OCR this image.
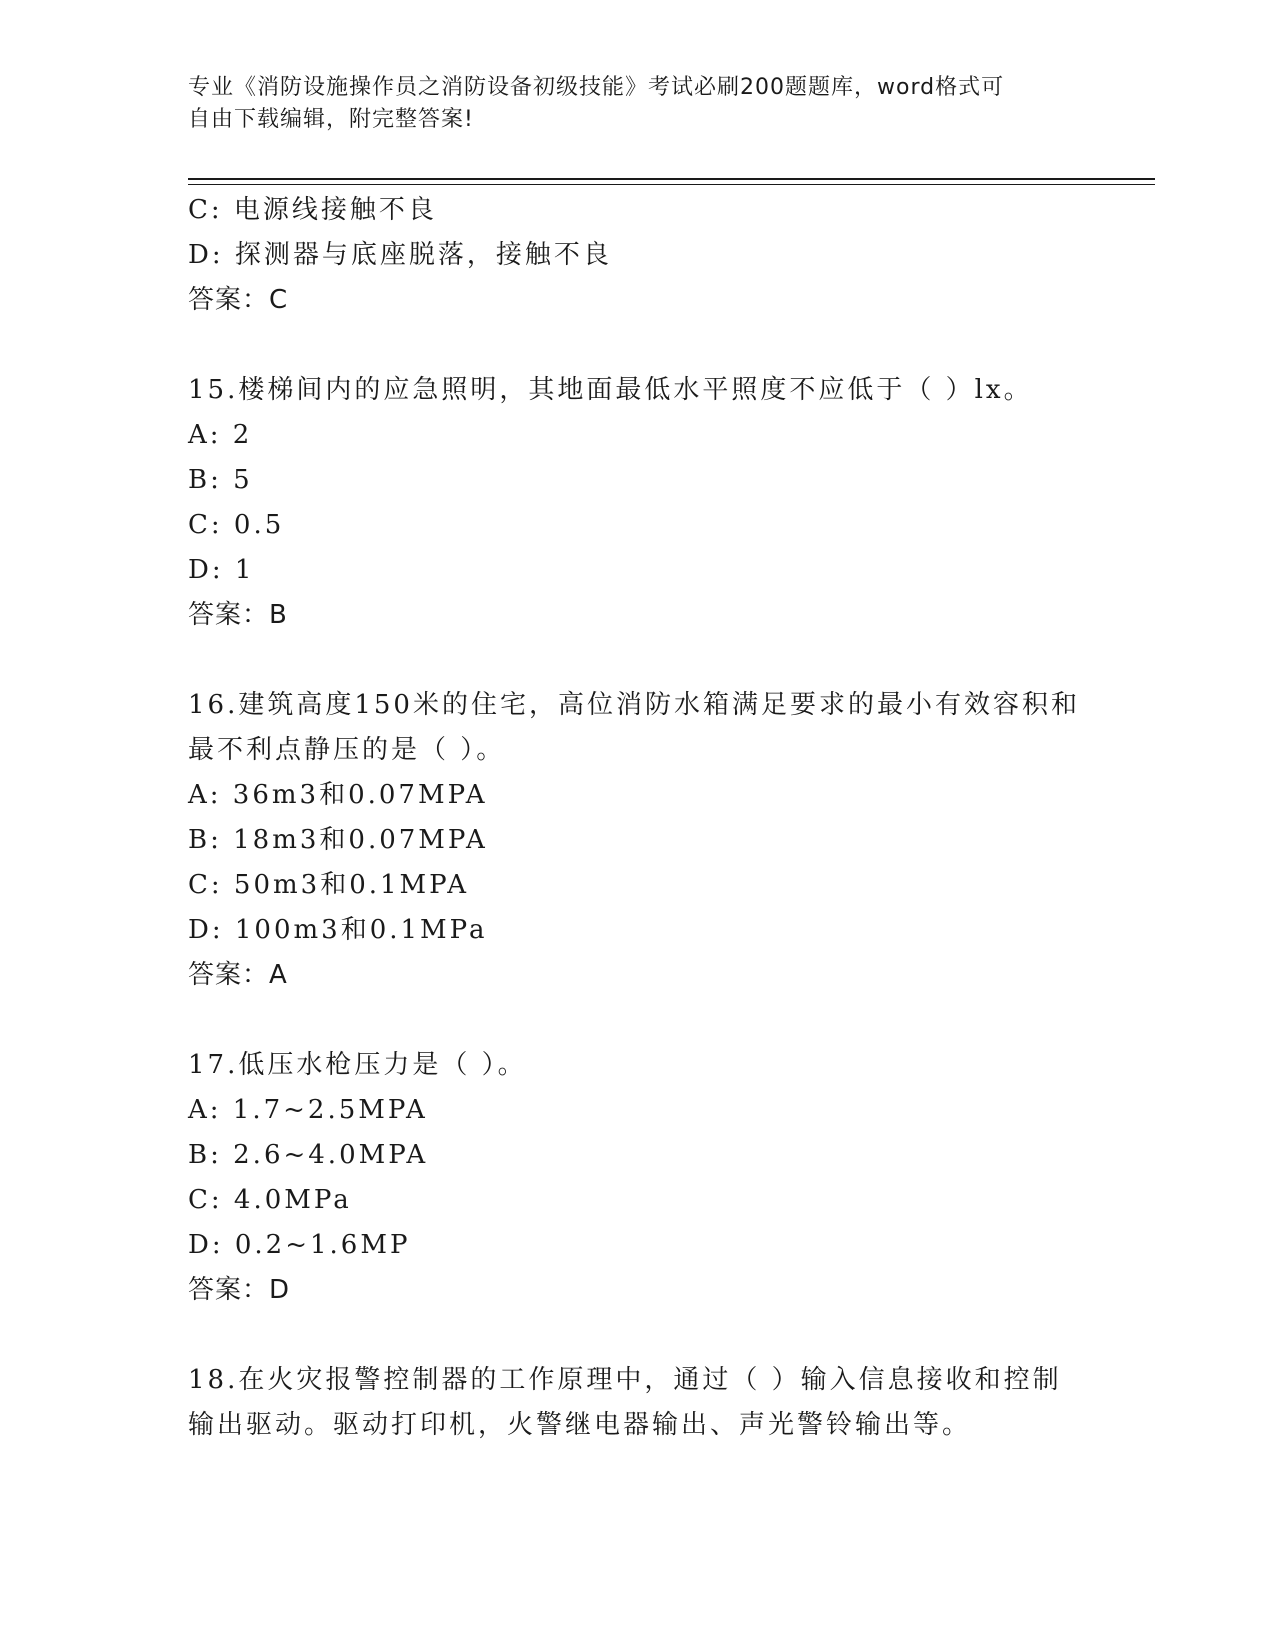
专业《消防设施操作员之消防设备初级技能》考试必刷200题题库，word格式可
自由下载编辑，附完整答案!
C: 电源线接触不良
D: 探测器与底座脱落，接触不良
答案：C
15.楼梯间内的应急照明，其地面最低水平照度不应低于（ ）lx。
A: 2
B: 5
C: 0.5
D: 1
答案：B
16.建筑高度150米的住宅，高位消防水箱满足要求的最小有效容积和
最不利点静压的是（ ）。
A: 36m3和0.07MPA
B: 18m3和0.07MPA
C: 50m3和0.1MPA
D: 100m3和0.1MPa
答案：A
17.低压水枪压力是（ ）。
A: 1.7~2.5MPA
B: 2.6~4.0MPA
C: 4.0MPa
D: 0.2~1.6MP
答案：D
18.在火灾报警控制器的工作原理中，通过（ ）输入信息接收和控制
输出驱动。驱动打印机，火警继电器输出、声光警铃输出等。
